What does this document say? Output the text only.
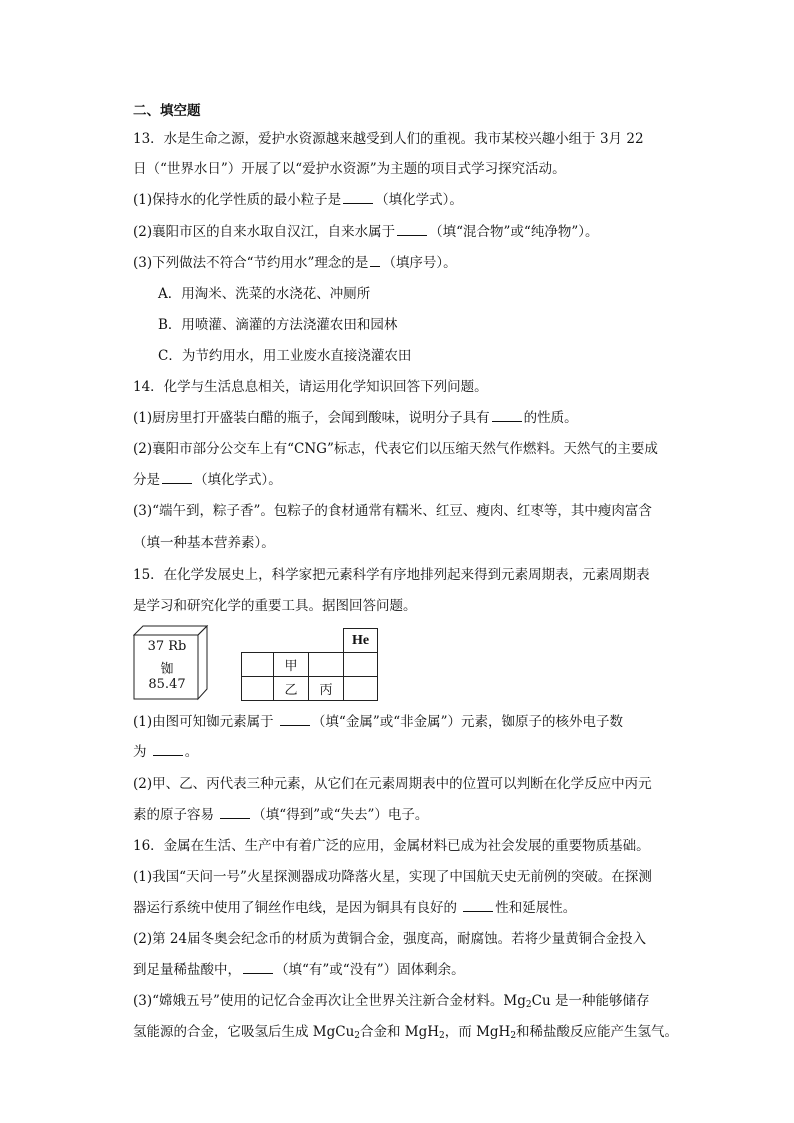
二、填空题
13．水是生命之源，爱护水资源越来越受到人们的重视。我市某校兴趣小组于 3月 22
日（“世界水日”）开展了以“爱护水资源”为主题的项目式学习探究活动。
(1)保持水的化学性质的最小粒子是	（填化学式）。
(2)襄阳市区的自来水取自汉江，自来水属于	（填“混合物”或“纯净物”）。
(3)下列做法不符合“节约用水”理念的是 （填序号）。
A．用淘米、洗菜的水浇花、冲厕所
B．用喷灌、滴灌的方法浇灌农田和园林
C．为节约用水，用工业废水直接浇灌农田
14．化学与生活息息相关，请运用化学知识回答下列问题。
(1)厨房里打开盛装白醋的瓶子，会闻到酸味，说明分子具有	的性质。
(2)襄阳市部分公交车上有“CNG”标志，代表它们以压缩天然气作燃料。天然气的主要成
分是	（填化学式）。
(3)“端午到，粽子香”。包粽子的食材通常有糯米、红豆、瘦肉、红枣等，其中瘦肉富含
（填一种基本营养素）。
15．在化学发展史上，科学家把元素科学有序地排列起来得到元素周期表，元素周期表
是学习和研究化学的重要工具。据图回答问题。
37 Rb
铷
85.47
He
甲
乙	丙
(1)由图可知铷元素属于	（填“金属”或“非金属”）元素，铷原子的核外电子数
为	。
(2)甲、乙、丙代表三种元素，从它们在元素周期表中的位置可以判断在化学反应中丙元
素的原子容易	（填“得到”或“失去”）电子。
16．金属在生活、生产中有着广泛的应用，金属材料已成为社会发展的重要物质基础。
(1)我国“天问一号”火星探测器成功降落火星，实现了中国航天史无前例的突破。在探测
器运行系统中使用了铜丝作电线，是因为铜具有良好的	性和延展性。
(2)第 24届冬奥会纪念币的材质为黄铜合金，强度高，耐腐蚀。若将少量黄铜合金投入
到足量稀盐酸中，	（填“有”或“没有”）固体剩余。
(3)“嫦娥五号”使用的记忆合金再次让全世界关注新合金材料。$Mg_2Cu$ 是一种能够储存
氢能源的合金，它吸氢后生成 MgCu$_2$合金和 MgH$_2$，而 MgH$_2$和稀盐酸反应能产生氢气。
